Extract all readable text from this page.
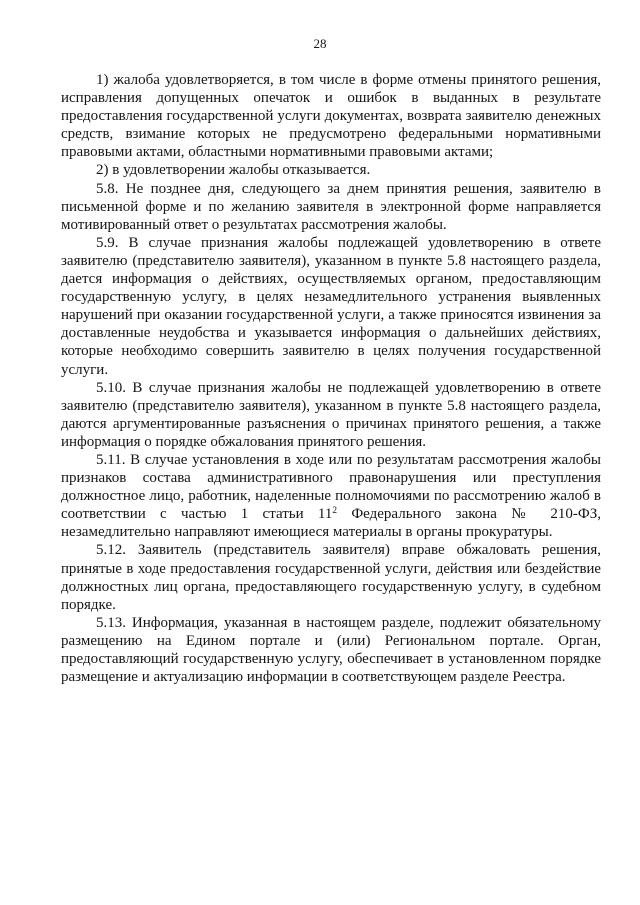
28
1) жалоба удовлетворяется, в том числе в форме отмены принятого решения,
исправления допущенных опечаток и ошибок в выданных в результате
предоставления государственной услуги документах, возврата заявителю денежных
средств, взимание которых не предусмотрено федеральными нормативными
правовыми актами, областными нормативными правовыми актами;
2) в удовлетворении жалобы отказывается.
5.8. Не позднее дня, следующего за днем принятия решения, заявителю в
письменной форме и по желанию заявителя в электронной форме направляется
мотивированный ответ о результатах рассмотрения жалобы.
5.9. В случае признания жалобы подлежащей удовлетворению в ответе
заявителю (представителю заявителя), указанном в пункте 5.8 настоящего раздела,
дается информация о действиях, осуществляемых органом, предоставляющим
государственную услугу, в целях незамедлительного устранения выявленных
нарушений при оказании государственной услуги, а также приносятся извинения за
доставленные неудобства и указывается информация о дальнейших действиях,
которые необходимо совершить заявителю в целях получения государственной
услуги.
5.10. В случае признания жалобы не подлежащей удовлетворению в ответе
заявителю (представителю заявителя), указанном в пункте 5.8 настоящего раздела,
даются аргументированные разъяснения о причинах принятого решения, а также
информация о порядке обжалования принятого решения.
5.11. В случае установления в ходе или по результатам рассмотрения жалобы
признаков состава административного правонарушения или преступления
должностное лицо, работник, наделенные полномочиями по рассмотрению жалоб в
соответствии с частью 1 статьи $11^2$ Федерального закона № 210-ФЗ,
незамедлительно направляют имеющиеся материалы в органы прокуратуры.
5.12. Заявитель (представитель заявителя) вправе обжаловать решения,
принятые в ходе предоставления государственной услуги, действия или бездействие
должностных лиц органа, предоставляющего государственную услугу, в судебном
порядке.
5.13. Информация, указанная в настоящем разделе, подлежит обязательному
размещению на Едином портале и (или) Региональном портале. Орган,
предоставляющий государственную услугу, обеспечивает в установленном порядке
размещение и актуализацию информации в соответствующем разделе Реестра.
